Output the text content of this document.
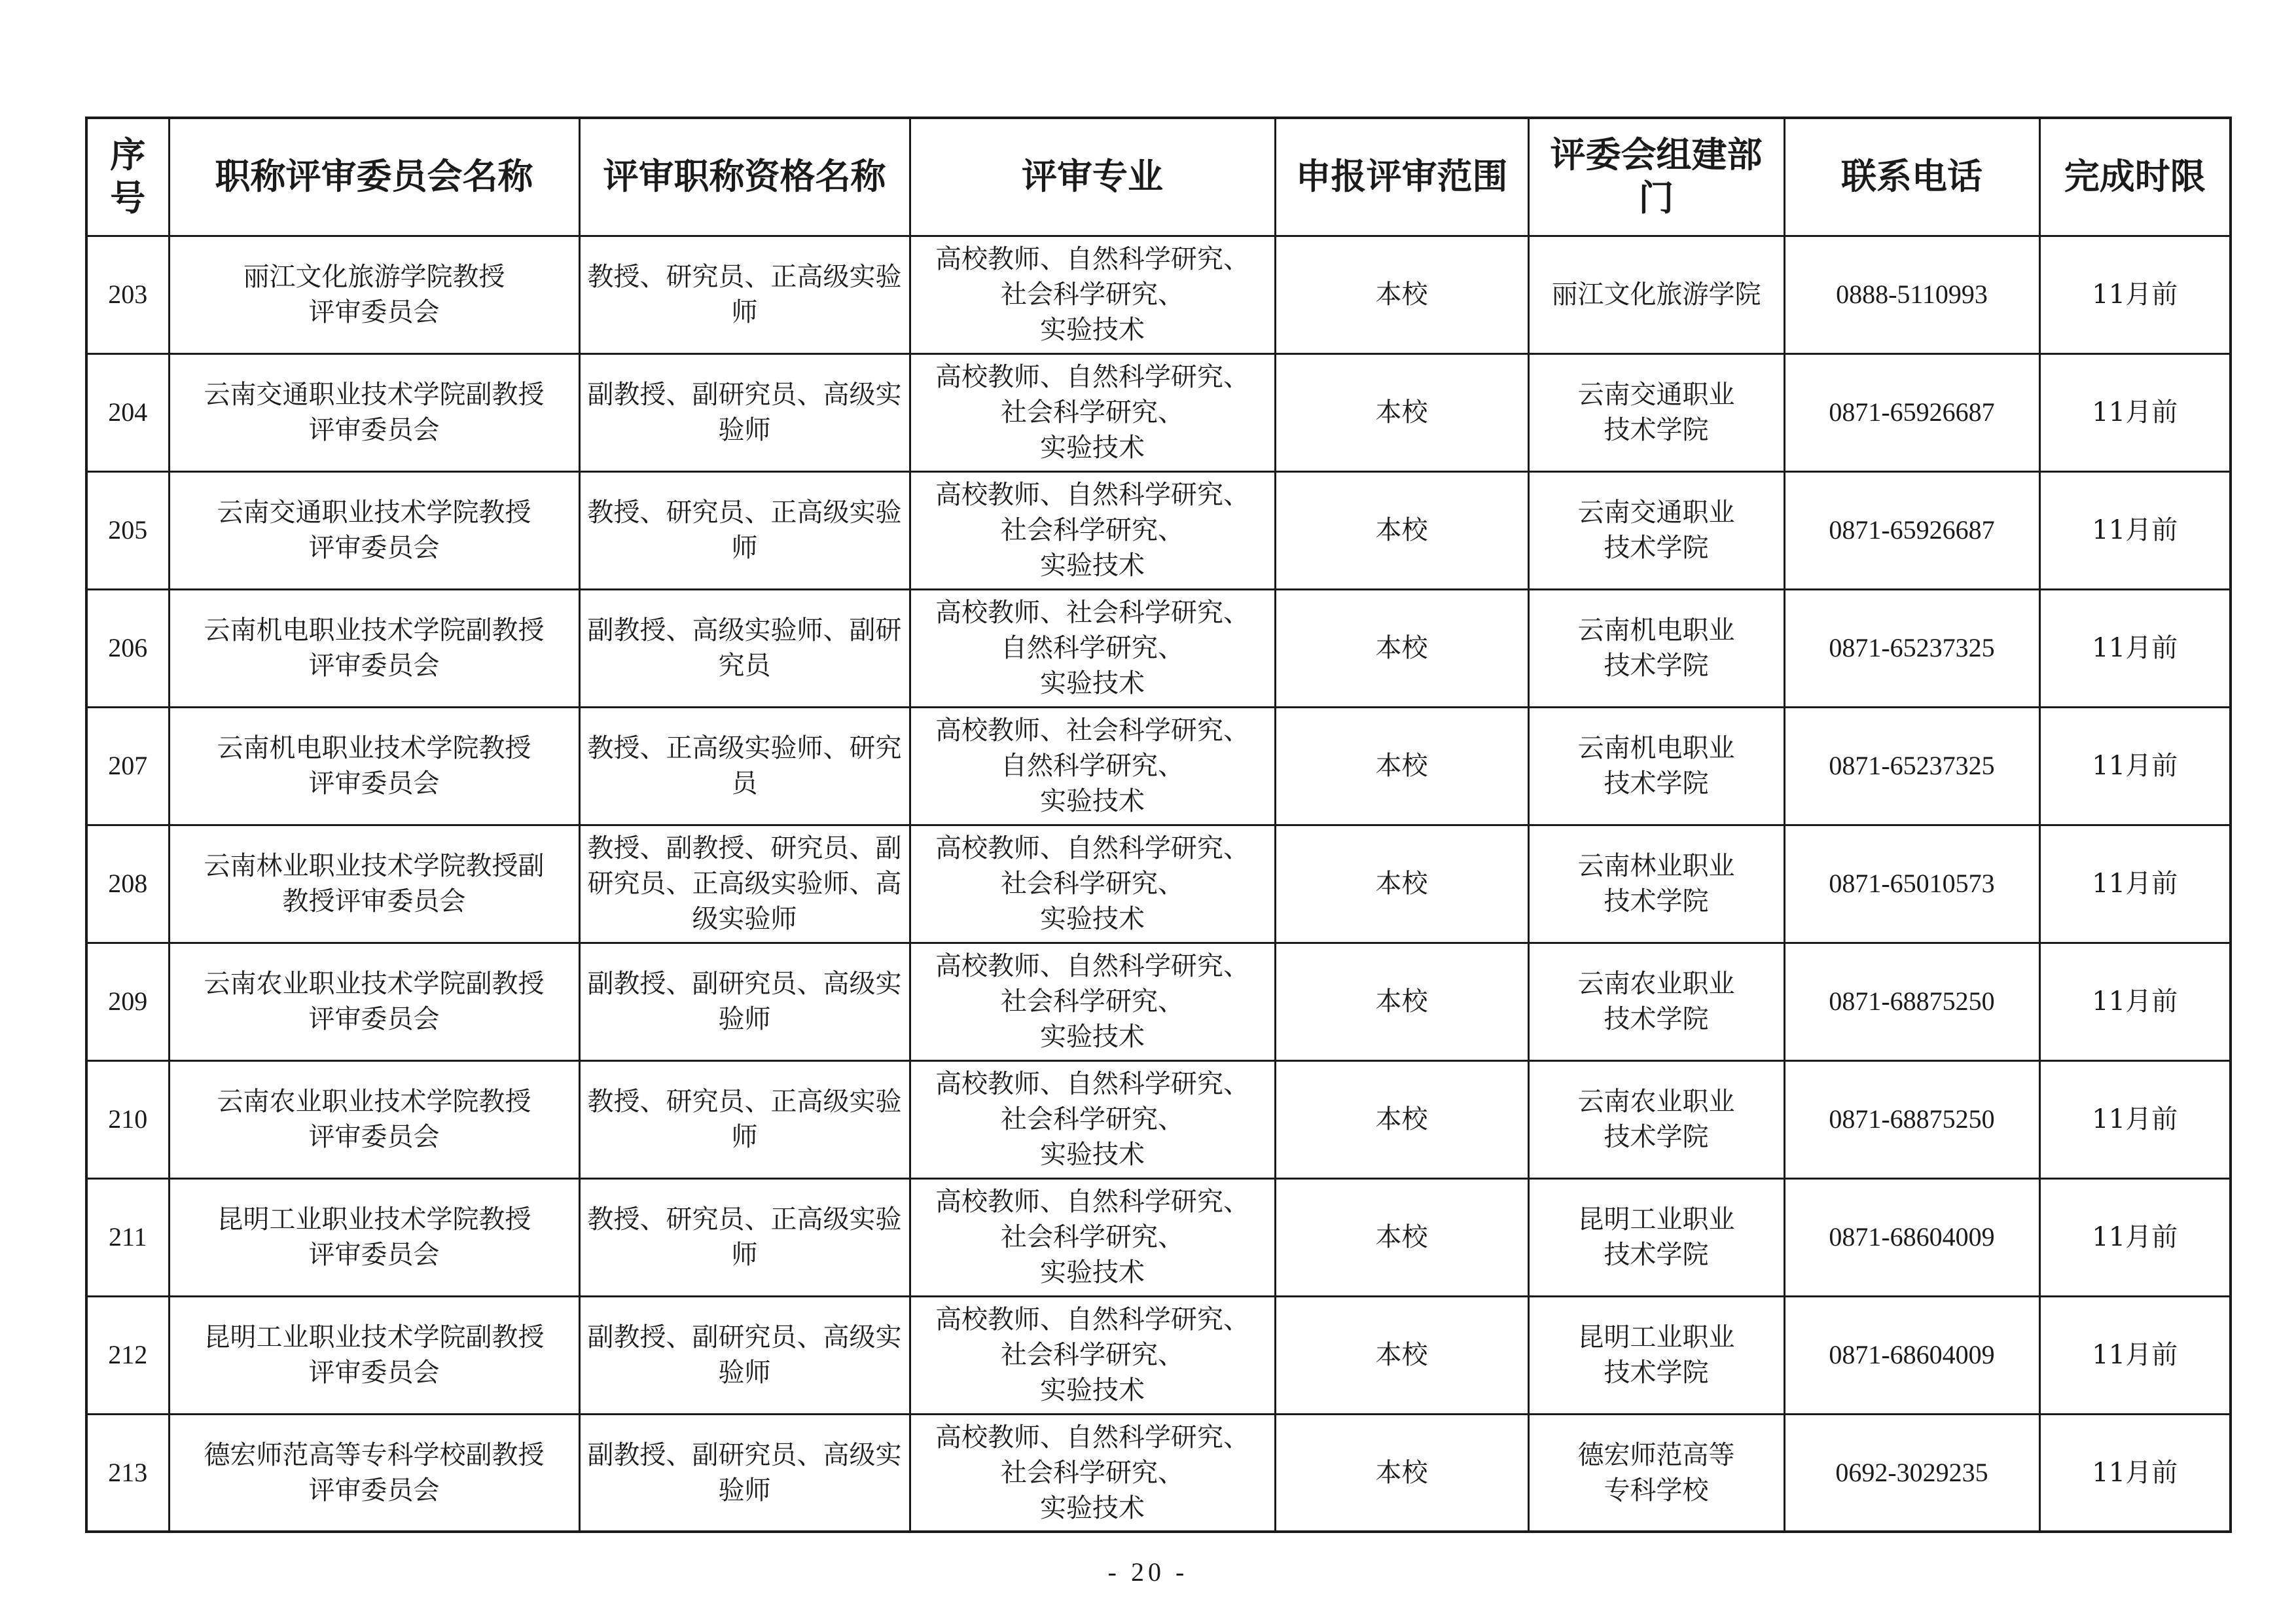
序号	职称评审委员会名称	评审职称资格名称	评审专业	申报评审范围	评委会组建部门	联系电话	完成时限

203	丽江文化旅游学院教授
评审委员会	教授、研究员、正高级实验师	高校教师、自然科学研究、
社会科学研究、
实验技术	本校	丽江文化旅游学院	0888-5110993	11月前

204	云南交通职业技术学院副教授
评审委员会	副教授、副研究员、高级实验师	高校教师、自然科学研究、
社会科学研究、
实验技术	本校	云南交通职业
技术学院	0871-65926687	11月前

205	云南交通职业技术学院教授
评审委员会	教授、研究员、正高级实验师	高校教师、自然科学研究、
社会科学研究、
实验技术	本校	云南交通职业
技术学院	0871-65926687	11月前

206	云南机电职业技术学院副教授
评审委员会	副教授、高级实验师、副研究员	高校教师、社会科学研究、
自然科学研究、
实验技术	本校	云南机电职业
技术学院	0871-65237325	11月前

207	云南机电职业技术学院教授
评审委员会	教授、正高级实验师、研究员	高校教师、社会科学研究、
自然科学研究、
实验技术	本校	云南机电职业
技术学院	0871-65237325	11月前

208	云南林业职业技术学院教授副
教授评审委员会	教授、副教授、研究员、副研究员、正高级实验师、高级实验师	高校教师、自然科学研究、
社会科学研究、
实验技术	本校	云南林业职业
技术学院	0871-65010573	11月前

209	云南农业职业技术学院副教授
评审委员会	副教授、副研究员、高级实验师	高校教师、自然科学研究、
社会科学研究、
实验技术	本校	云南农业职业
技术学院	0871-68875250	11月前

210	云南农业职业技术学院教授
评审委员会	教授、研究员、正高级实验师	高校教师、自然科学研究、
社会科学研究、
实验技术	本校	云南农业职业
技术学院	0871-68875250	11月前

211	昆明工业职业技术学院教授
评审委员会	教授、研究员、正高级实验师	高校教师、自然科学研究、
社会科学研究、
实验技术	本校	昆明工业职业
技术学院	0871-68604009	11月前

212	昆明工业职业技术学院副教授
评审委员会	副教授、副研究员、高级实验师	高校教师、自然科学研究、
社会科学研究、
实验技术	本校	昆明工业职业
技术学院	0871-68604009	11月前

213	德宏师范高等专科学校副教授
评审委员会	副教授、副研究员、高级实验师	高校教师、自然科学研究、
社会科学研究、
实验技术	本校	德宏师范高等
专科学校	0692-3029235	11月前
- 20 -
